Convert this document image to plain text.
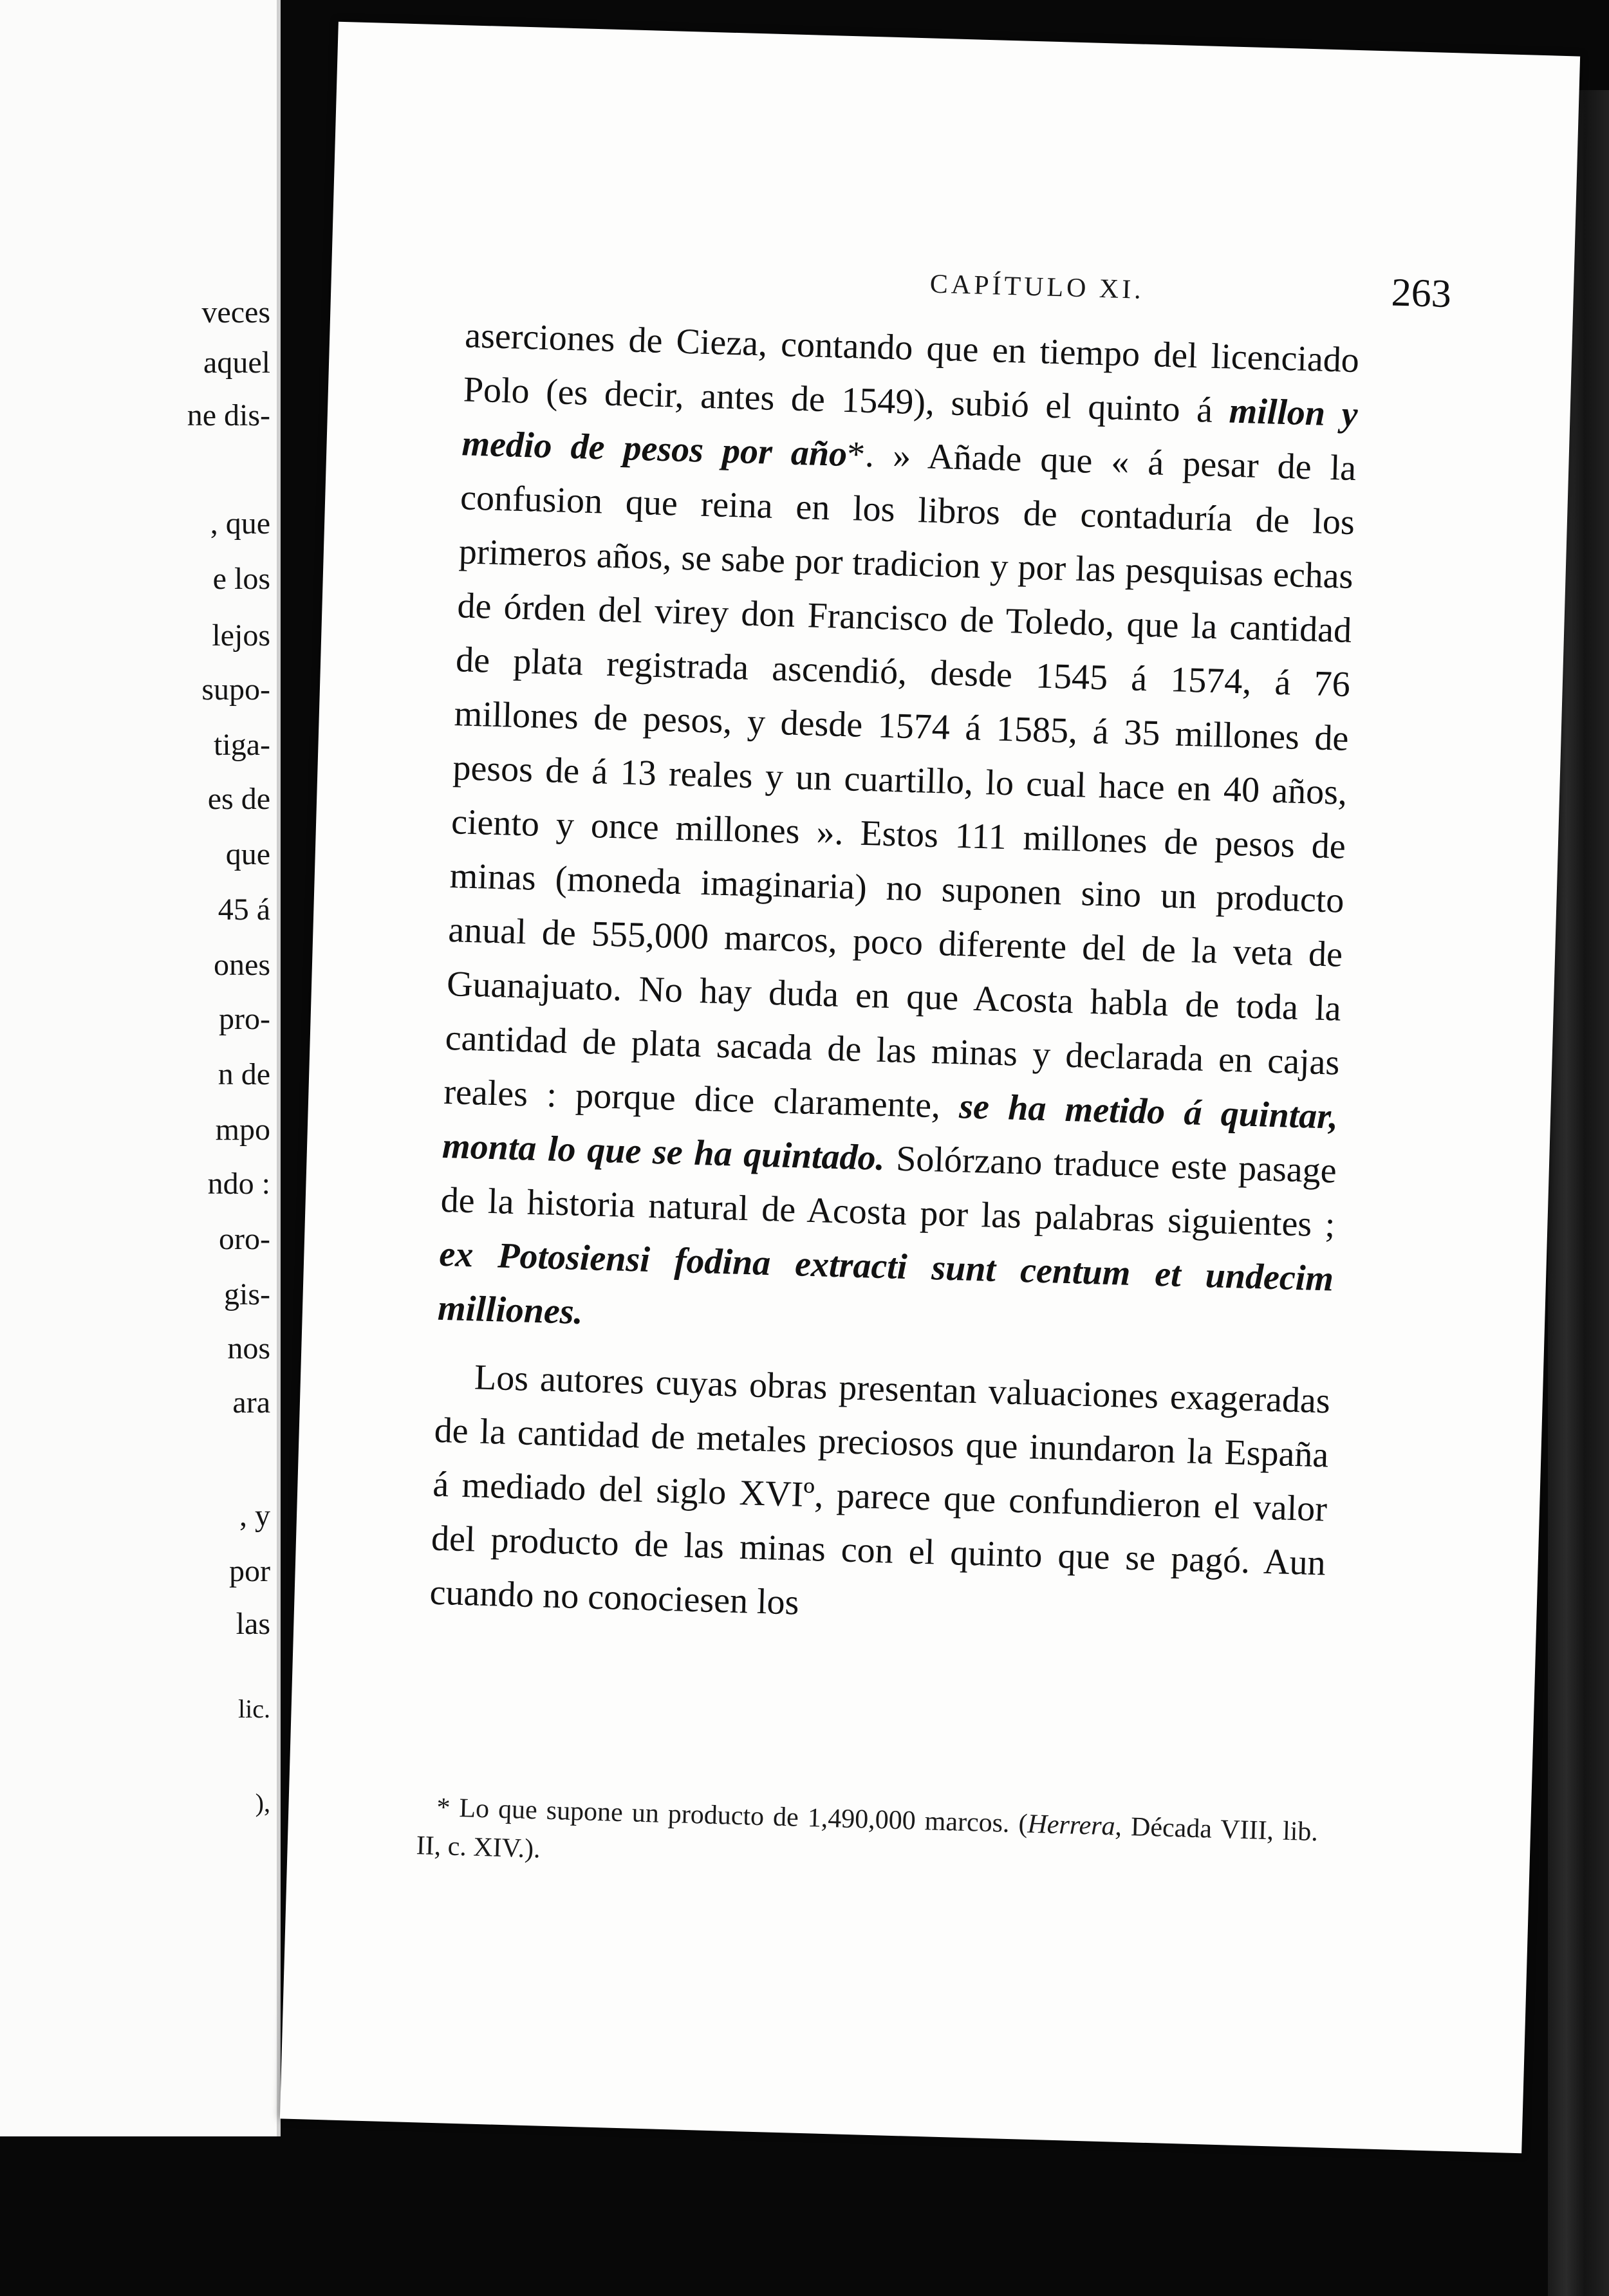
veces
aquel
ne dis-
, que
e los
lejos
supo-
tiga-
es de
que
45 á
ones
pro-
n de
mpo
ndo :
oro-
gis-
nos
ara
, y
por
las
lic.
),
CAPÍTULO XI.	263

aserciones de Cieza, contando que en tiempo del licenciado Polo (es decir, antes de 1549), subió el quinto á millon y medio de pesos por año*. » Añade que « á pesar de la confusion que reina en los libros de contaduría de los primeros años, se sabe por tradicion y por las pesquisas echas de órden del virey don Francisco de Toledo, que la cantidad de plata registrada ascendió, desde 1545 á 1574, á 76 millones de pesos, y desde 1574 á 1585, á 35 millones de pesos de á 13 reales y un cuartillo, lo cual hace en 40 años, ciento y once millones ». Estos 111 millones de pesos de minas (moneda imaginaria) no suponen sino un producto anual de 555,000 marcos, poco diferente del de la veta de Guanajuato. No hay duda en que Acosta habla de toda la cantidad de plata sacada de las minas y declarada en cajas reales : porque dice claramente, se ha metido á quintar, monta lo que se ha quintado. Solórzano traduce este pasage de la historia natural de Acosta por las palabras siguientes ; ex Potosiensi fodina extracti sunt centum et undecim milliones.

Los autores cuyas obras presentan valuaciones exageradas de la cantidad de metales preciosos que inundaron la España á mediado del siglo XVIº, parece que confundieron el valor del producto de las minas con el quinto que se pagó. Aun cuando no conociesen los

* Lo que supone un producto de 1,490,000 marcos. (Herrera, Década VIII, lib. II, c. XIV.).
